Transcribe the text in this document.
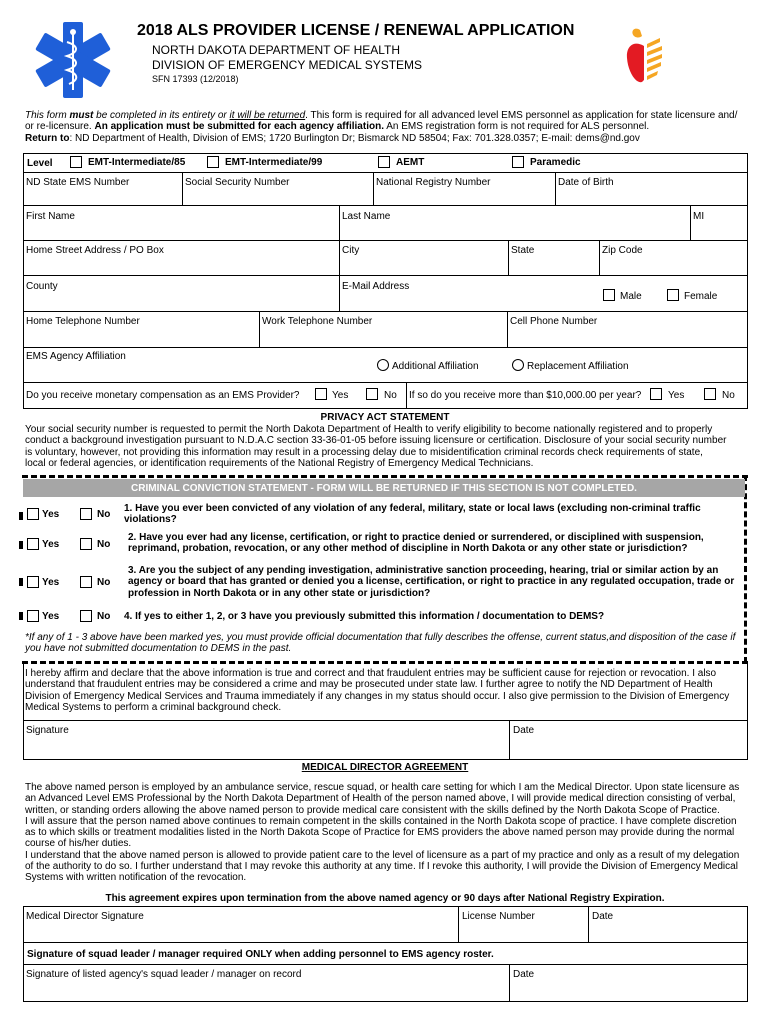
2018 ALS PROVIDER LICENSE / RENEWAL APPLICATION
NORTH DAKOTA DEPARTMENT OF HEALTH
DIVISION OF EMERGENCY MEDICAL SYSTEMS
SFN 17393 (12/2018)
This form must be completed in its entirety or it will be returned. This form is required for all advanced level EMS personnel as application for state licensure and/
or re-licensure. An application must be submitted for each agency affiliation. An EMS registration form is not required for ALS personnel.
Return to: ND Department of Health, Division of EMS; 1720 Burlington Dr; Bismarck ND 58504; Fax: 701.328.0357; E-mail: dems@nd.gov
Level	EMT-Intermediate/85	EMT-Intermediate/99	AEMT	Paramedic
ND State EMS Number	Social Security Number	National Registry Number	Date of Birth
First Name	Last Name	MI
Home Street Address / PO Box	City	State	Zip Code
County	E-Mail Address
Male	Female
Home Telephone Number	Work Telephone Number	Cell Phone Number
EMS Agency Affiliation
Additional Affiliation	Replacement Affiliation
Do you receive monetary compensation as an EMS Provider?	Yes	No If so do you receive more than $10,000.00 per year?	Yes	No
PRIVACY ACT STATEMENT
Your social security number is requested to permit the North Dakota Department of Health to verify eligibility to become nationally registered and to properly
conduct a background investigation pursuant to N.D.A.C section 33-36-01-05 before issuing licensure or certification. Disclosure of your social security number
is voluntary, however, not providing this information may result in a processing delay due to misidentification criminal records check requirements of state,
local or federal agencies, or identification requirements of the National Registry of Emergency Medical Technicians.
CRIMINAL CONVICTION STATEMENT - FORM WILL BE RETURNED IF THIS SECTION IS NOT COMPLETED.
Yes	No
1. Have you ever been convicted of any violation of any federal, military, state or local laws (excluding non-criminal traffic
violations?
Yes	No
2. Have you ever had any license, certification, or right to practice denied or surrendered, or disciplined with suspension,
reprimand, probation, revocation, or any other method of discipline in North Dakota or any other state or jurisdiction?
Yes	No
3. Are you the subject of any pending investigation, administrative sanction proceeding, hearing, trial or similar action by an
agency or board that has granted or denied you a license, certification, or right to practice in any regulated occupation, trade or
profession in North Dakota or in any other state or jurisdiction?
Yes	No 4. If yes to either 1, 2, or 3 have you previously submitted this information / documentation to DEMS?
*If any of 1 - 3 above have been marked yes, you must provide official documentation that fully describes the offense, current status,and disposition of the case if
you have not submitted documentation to DEMS in the past.
I hereby affirm and declare that the above information is true and correct and that fraudulent entries may be sufficient cause for rejection or revocation. I also
understand that fraudulent entries may be considered a crime and may be prosecuted under state law. I further agree to notify the ND Department of Health
Division of Emergency Medical Services and Trauma immediately if any changes in my status should occur. I also give permission to the Division of Emergency
Medical Systems to perform a criminal background check.
Signature	Date
MEDICAL DIRECTOR AGREEMENT
The above named person is employed by an ambulance service, rescue squad, or health care setting for which I am the Medical Director. Upon state licensure as
an Advanced Level EMS Professional by the North Dakota Department of Health of the person named above, I will provide medical direction consisting of verbal,
written, or standing orders allowing the above named person to provide medical care consistent with the skills defined by the North Dakota Scope of Practice.
I will assure that the person named above continues to remain competent in the skills contained in the North Dakota scope of practice. I have complete discretion
as to which skills or treatment modalities listed in the North Dakota Scope of Practice for EMS providers the above named person may provide during the normal
course of his/her duties.
I understand that the above named person is allowed to provide patient care to the level of licensure as a part of my practice and only as a result of my delegation
of the authority to do so. I further understand that I may revoke this authority at any time. If I revoke this authority, I will provide the Division of Emergency Medical
Systems with written notification of the revocation.
This agreement expires upon termination from the above named agency or 90 days after National Registry Expiration.
Medical Director Signature	License Number	Date
Signature of squad leader / manager required ONLY when adding personnel to EMS agency roster.
Signature of listed agency's squad leader / manager on record	Date
